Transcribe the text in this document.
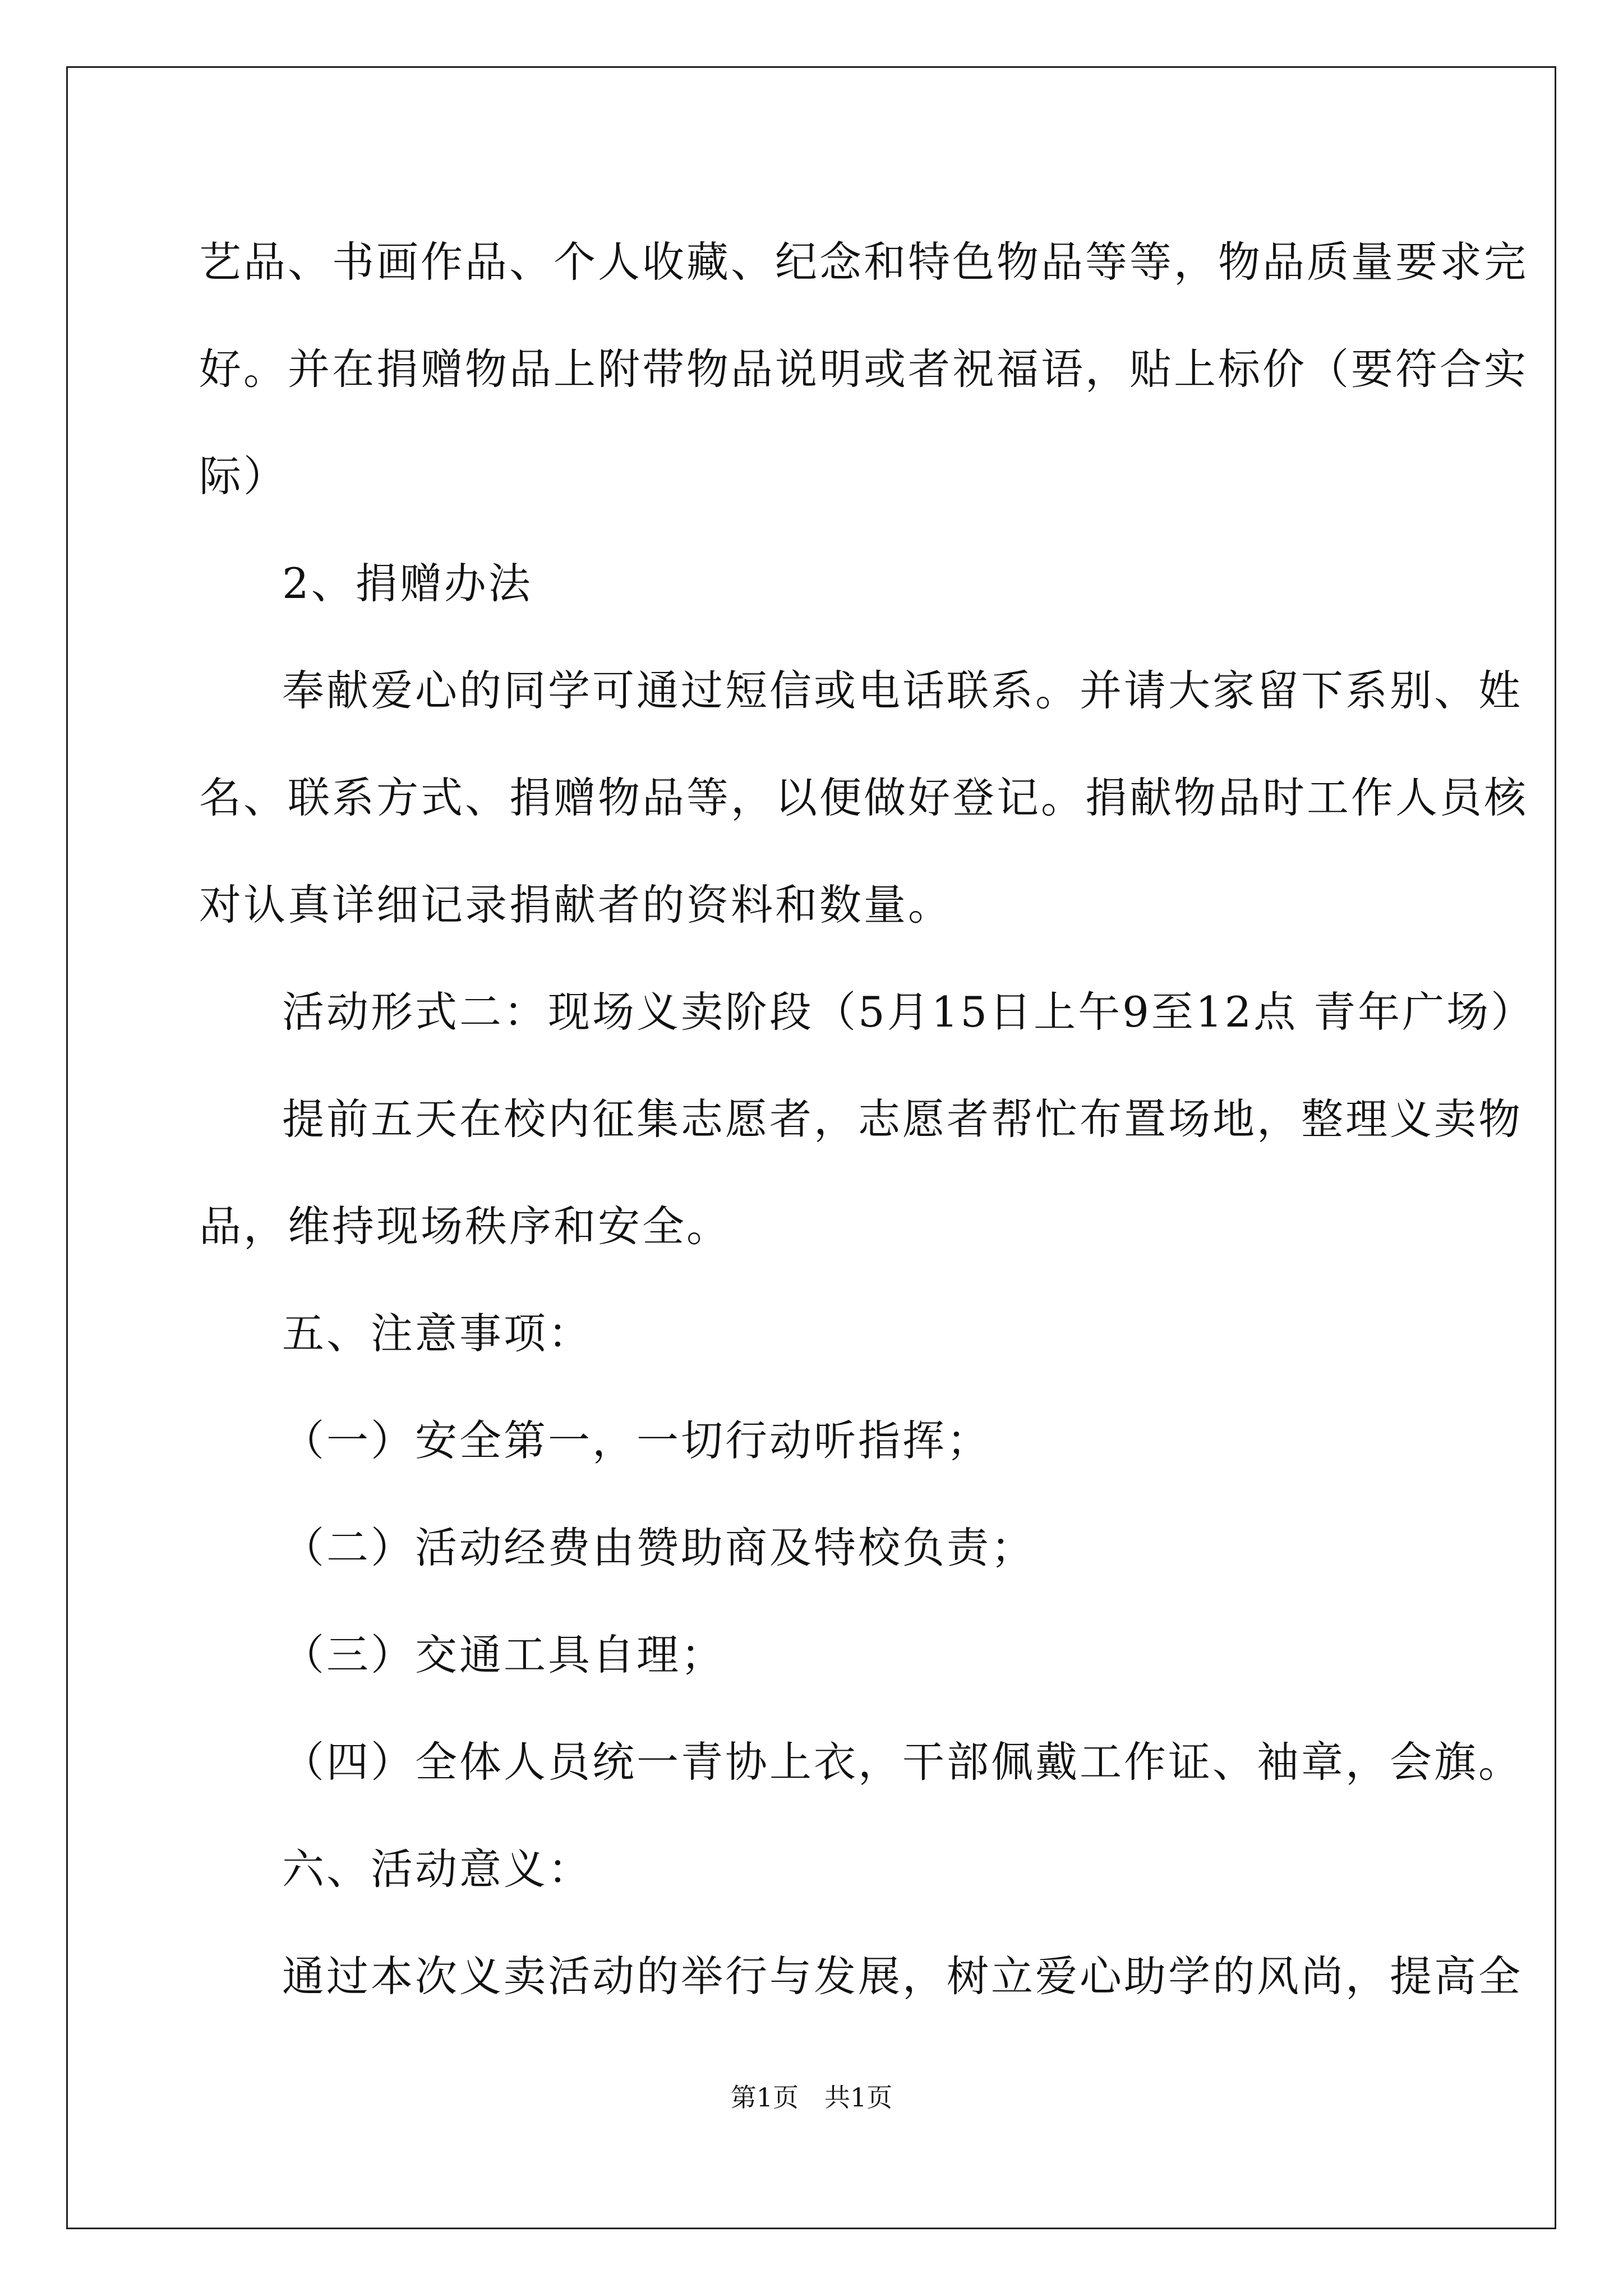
艺品、书画作品、个人收藏、纪念和特色物品等等，物品质量要求完

好。并在捐赠物品上附带物品说明或者祝福语，贴上标价（要符合实

际）

2、捐赠办法

奉献爱心的同学可通过短信或电话联系。并请大家留下系别、姓

名、联系方式、捐赠物品等，以便做好登记。捐献物品时工作人员核

对认真详细记录捐献者的资料和数量。

活动形式二：现场义卖阶段（5月15日上午9至12点 青年广场）

提前五天在校内征集志愿者，志愿者帮忙布置场地，整理义卖物

品，维持现场秩序和安全。

五、注意事项：

（一）安全第一，一切行动听指挥；

（二）活动经费由赞助商及特校负责；

（三）交通工具自理；

（四）全体人员统一青协上衣，干部佩戴工作证、袖章，会旗。

六、活动意义：

通过本次义卖活动的举行与发展，树立爱心助学的风尚，提高全

第1页　共1页
